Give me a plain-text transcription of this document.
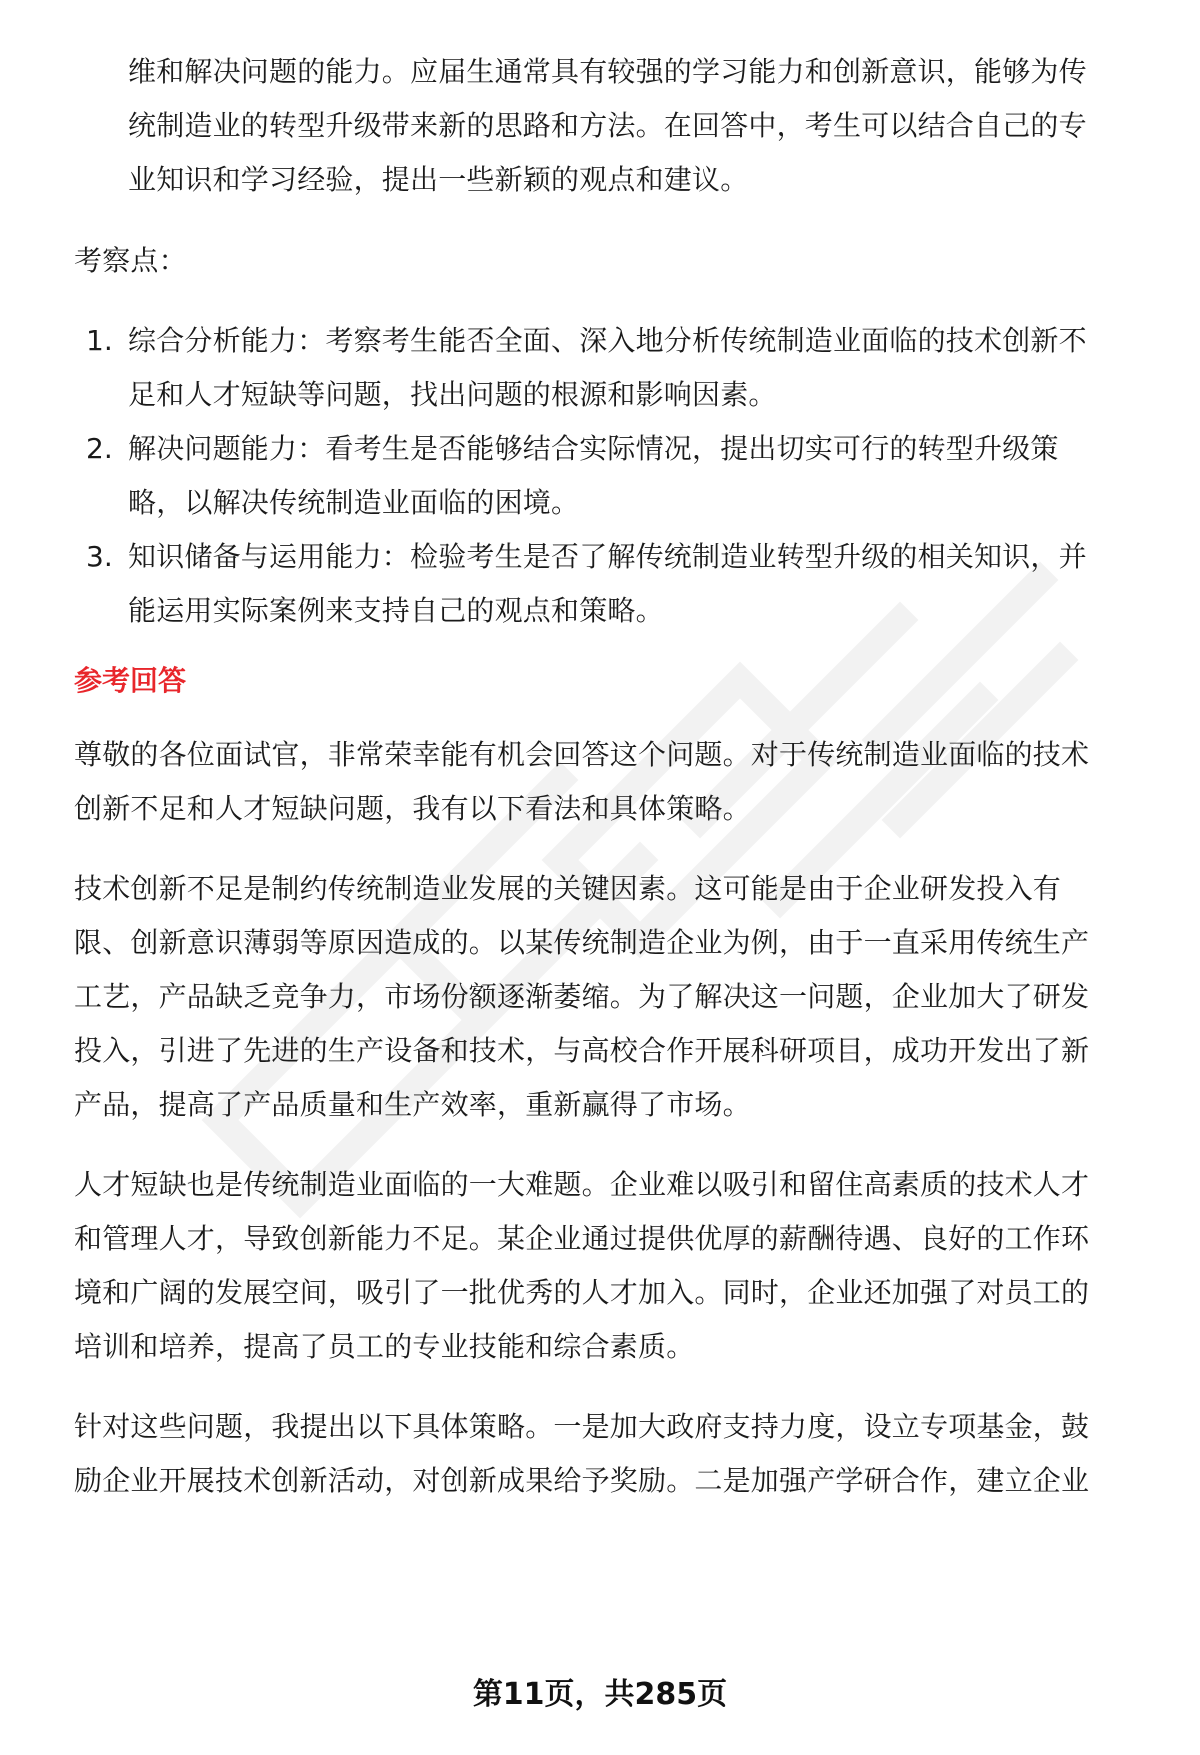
维和解决问题的能力。应届生通常具有较强的学习能力和创新意识，能够为传
统制造业的转型升级带来新的思路和方法。在回答中，考生可以结合自己的专
业知识和学习经验，提出一些新颖的观点和建议。
考察点：
1. 综合分析能力：考察考生能否全面、深入地分析传统制造业面临的技术创新不
足和人才短缺等问题，找出问题的根源和影响因素。
2. 解决问题能力：看考生是否能够结合实际情况，提出切实可行的转型升级策
略，以解决传统制造业面临的困境。
3. 知识储备与运用能力：检验考生是否了解传统制造业转型升级的相关知识，并
能运用实际案例来支持自己的观点和策略。
参考回答
尊敬的各位面试官，非常荣幸能有机会回答这个问题。对于传统制造业面临的技术
创新不足和人才短缺问题，我有以下看法和具体策略。
技术创新不足是制约传统制造业发展的关键因素。这可能是由于企业研发投入有
限、创新意识薄弱等原因造成的。以某传统制造企业为例，由于一直采用传统生产
工艺，产品缺乏竞争力，市场份额逐渐萎缩。为了解决这一问题，企业加大了研发
投入，引进了先进的生产设备和技术，与高校合作开展科研项目，成功开发出了新
产品，提高了产品质量和生产效率，重新赢得了市场。
人才短缺也是传统制造业面临的一大难题。企业难以吸引和留住高素质的技术人才
和管理人才，导致创新能力不足。某企业通过提供优厚的薪酬待遇、良好的工作环
境和广阔的发展空间，吸引了一批优秀的人才加入。同时，企业还加强了对员工的
培训和培养，提高了员工的专业技能和综合素质。
针对这些问题，我提出以下具体策略。一是加大政府支持力度，设立专项基金，鼓
励企业开展技术创新活动，对创新成果给予奖励。二是加强产学研合作，建立企业
第11页，共285页
